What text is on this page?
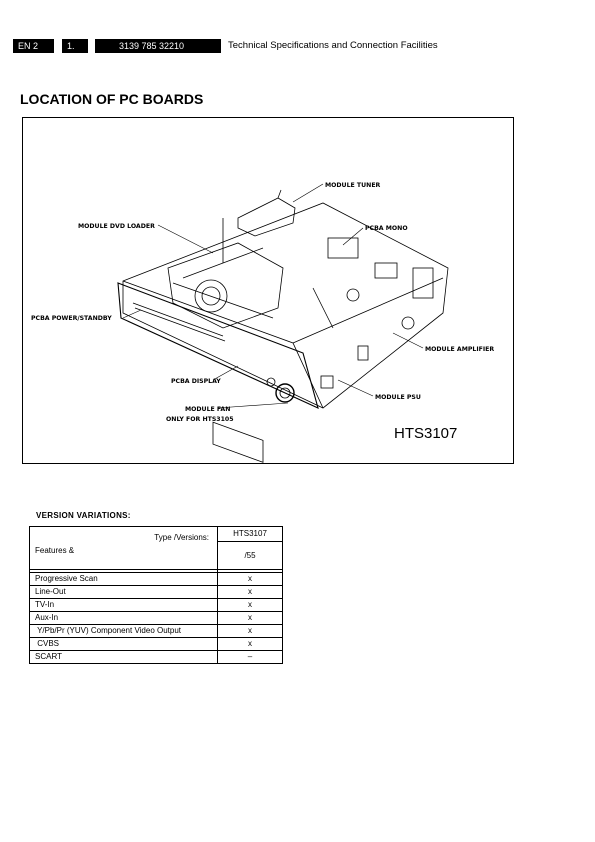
EN 2	1.	3139 785 32210	Technical Specifications and Connection Facilities
LOCATION OF PC BOARDS
MODULE TUNER
MODULE DVD LOADER	PCBA MONO
PCBA POWER/STANDBY
MODULE AMPLIFIER
PCBA DISPLAY
MODULE PSU
MODULE FAN
ONLY FOR HTS3105
HTS3107
VERSION VARIATIONS:
Type /Versions:
Features &	HTS3107
	/55

Progressive Scan	x
Line-Out	x
TV-In	x
Aux-In	x
Y/Pb/Pr (YUV) Component Video Output	x
CVBS	x
SCART	–
